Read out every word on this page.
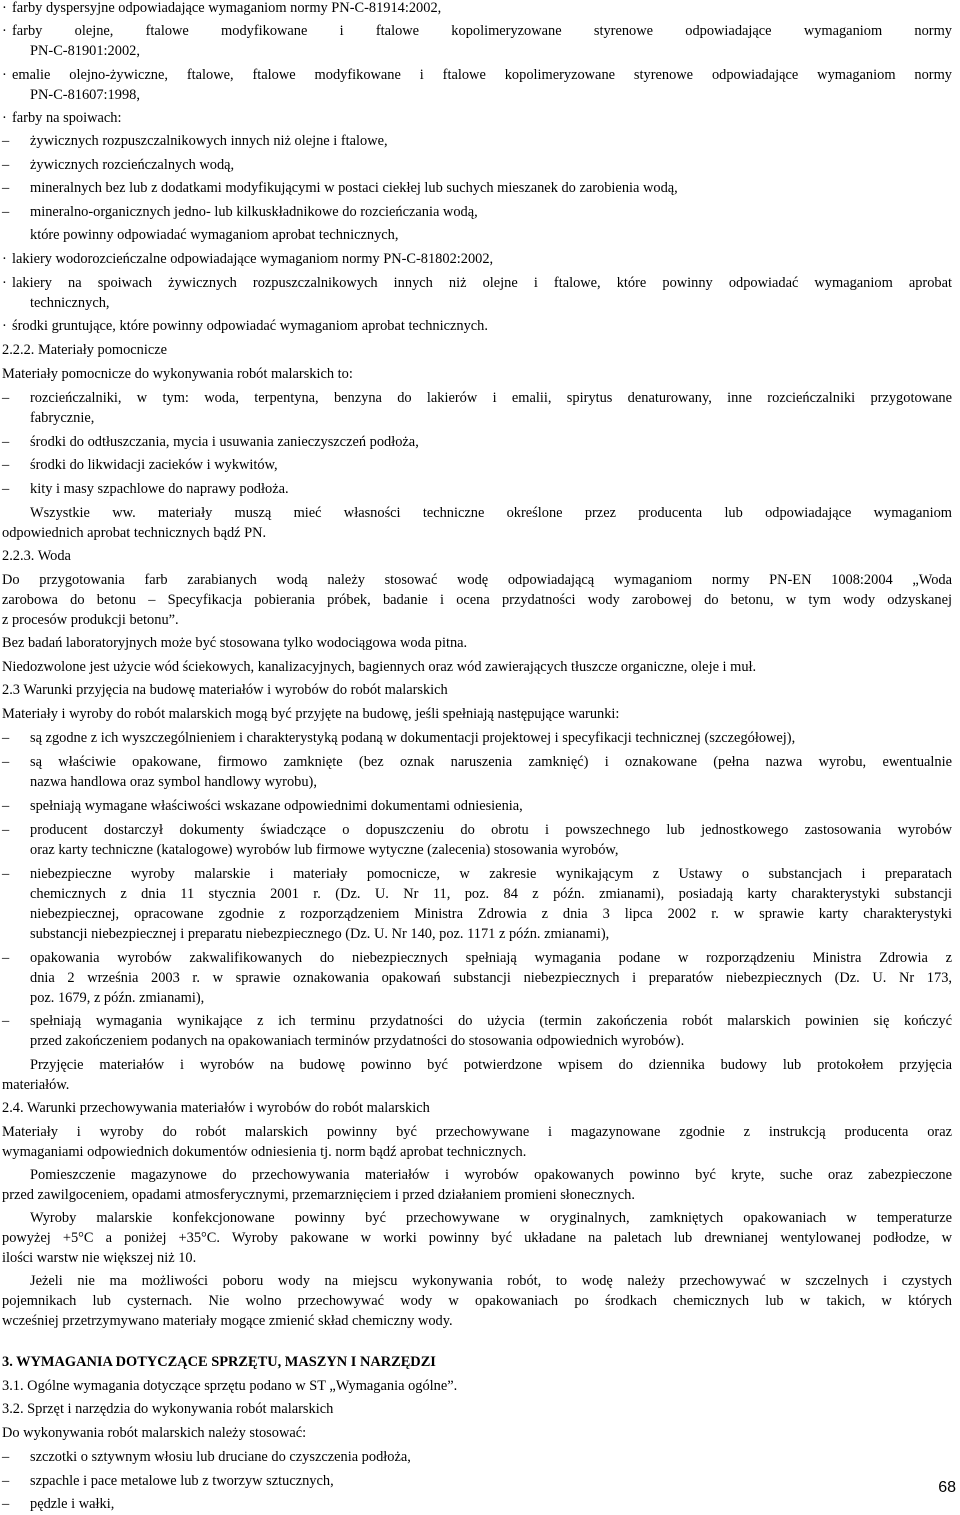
· farby dyspersyjne odpowiadające wymaganiom normy PN-C-81914:2002,
· farby olejne, ftalowe modyfikowane i ftalowe kopolimeryzowane styrenowe odpowiadające wymaganiom normy
PN-C-81901:2002,
· emalie olejno-żywiczne, ftalowe, ftalowe modyfikowane i ftalowe kopolimeryzowane styrenowe odpowiadające wymaganiom normy
PN-C-81607:1998,
· farby na spoiwach:
– żywicznych rozpuszczalnikowych innych niż olejne i ftalowe,
– żywicznych rozcieńczalnych wodą,
– mineralnych bez lub z dodatkami modyfikującymi w postaci ciekłej lub suchych mieszanek do zarobienia wodą,
– mineralno-organicznych jedno- lub kilkuskładnikowe do rozcieńczania wodą,
które powinny odpowiadać wymaganiom aprobat technicznych,
· lakiery wodorozcieńczalne odpowiadające wymaganiom normy PN-C-81802:2002,
· lakiery na spoiwach żywicznych rozpuszczalnikowych innych niż olejne i ftalowe, które powinny odpowiadać wymaganiom aprobat
technicznych,
· środki gruntujące, które powinny odpowiadać wymaganiom aprobat technicznych.
2.2.2. Materiały pomocnicze
Materiały pomocnicze do wykonywania robót malarskich to:
– rozcieńczalniki, w tym: woda, terpentyna, benzyna do lakierów i emalii, spirytus denaturowany, inne rozcieńczalniki przygotowane
fabrycznie,
– środki do odtłuszczania, mycia i usuwania zanieczyszczeń podłoża,
– środki do likwidacji zacieków i wykwitów,
– kity i masy szpachlowe do naprawy podłoża.
Wszystkie ww. materiały muszą mieć własności techniczne określone przez producenta lub odpowiadające wymaganiom
odpowiednich aprobat technicznych bądź PN.
2.2.3. Woda
Do przygotowania farb zarabianych wodą należy stosować wodę odpowiadającą wymaganiom normy PN-EN 1008:2004 „Woda
zarobowa do betonu – Specyfikacja pobierania próbek, badanie i ocena przydatności wody zarobowej do betonu, w tym wody odzyskanej
z procesów produkcji betonu”.
Bez badań laboratoryjnych może być stosowana tylko wodociągowa woda pitna.
Niedozwolone jest użycie wód ściekowych, kanalizacyjnych, bagiennych oraz wód zawierających tłuszcze organiczne, oleje i muł.
2.3 Warunki przyjęcia na budowę materiałów i wyrobów do robót malarskich
Materiały i wyroby do robót malarskich mogą być przyjęte na budowę, jeśli spełniają następujące warunki:
– są zgodne z ich wyszczególnieniem i charakterystyką podaną w dokumentacji projektowej i specyfikacji technicznej (szczegółowej),
– są właściwie opakowane, firmowo zamknięte (bez oznak naruszenia zamknięć) i oznakowane (pełna nazwa wyrobu, ewentualnie
nazwa handlowa oraz symbol handlowy wyrobu),
– spełniają wymagane właściwości wskazane odpowiednimi dokumentami odniesienia,
– producent dostarczył dokumenty świadczące o dopuszczeniu do obrotu i powszechnego lub jednostkowego zastosowania wyrobów
oraz karty techniczne (katalogowe) wyrobów lub firmowe wytyczne (zalecenia) stosowania wyrobów,
– niebezpieczne wyroby malarskie i materiały pomocnicze, w zakresie wynikającym z Ustawy o substancjach i preparatach
chemicznych z dnia 11 stycznia 2001 r. (Dz. U. Nr 11, poz. 84 z późn. zmianami), posiadają karty charakterystyki substancji
niebezpiecznej, opracowane zgodnie z rozporządzeniem Ministra Zdrowia z dnia 3 lipca 2002 r. w sprawie karty charakterystyki
substancji niebezpiecznej i preparatu niebezpiecznego (Dz. U. Nr 140, poz. 1171 z późn. zmianami),
– opakowania wyrobów zakwalifikowanych do niebezpiecznych spełniają wymagania podane w rozporządzeniu Ministra Zdrowia z
dnia 2 września 2003 r. w sprawie oznakowania opakowań substancji niebezpiecznych i preparatów niebezpiecznych (Dz. U. Nr 173,
poz. 1679, z późn. zmianami),
– spełniają wymagania wynikające z ich terminu przydatności do użycia (termin zakończenia robót malarskich powinien się kończyć
przed zakończeniem podanych na opakowaniach terminów przydatności do stosowania odpowiednich wyrobów).
Przyjęcie materiałów i wyrobów na budowę powinno być potwierdzone wpisem do dziennika budowy lub protokołem przyjęcia
materiałów.
2.4. Warunki przechowywania materiałów i wyrobów do robót malarskich
Materiały i wyroby do robót malarskich powinny być przechowywane i magazynowane zgodnie z instrukcją producenta oraz
wymaganiami odpowiednich dokumentów odniesienia tj. norm bądź aprobat technicznych.
Pomieszczenie magazynowe do przechowywania materiałów i wyrobów opakowanych powinno być kryte, suche oraz zabezpieczone
przed zawilgoceniem, opadami atmosferycznymi, przemarznięciem i przed działaniem promieni słonecznych.
Wyroby malarskie konfekcjonowane powinny być przechowywane w oryginalnych, zamkniętych opakowaniach w temperaturze
powyżej +5°C a poniżej +35°C. Wyroby pakowane w worki powinny być układane na paletach lub drewnianej wentylowanej podłodze, w
ilości warstw nie większej niż 10.
Jeżeli nie ma możliwości poboru wody na miejscu wykonywania robót, to wodę należy przechowywać w szczelnych i czystych
pojemnikach lub cysternach. Nie wolno przechowywać wody w opakowaniach po środkach chemicznych lub w takich, w których
wcześniej przetrzymywano materiały mogące zmienić skład chemiczny wody.
3. WYMAGANIA DOTYCZĄCE SPRZĘTU, MASZYN I NARZĘDZI
3.1. Ogólne wymagania dotyczące sprzętu podano w ST „Wymagania ogólne”.
3.2. Sprzęt i narzędzia do wykonywania robót malarskich
Do wykonywania robót malarskich należy stosować:
– szczotki o sztywnym włosiu lub druciane do czyszczenia podłoża,
– szpachle i pace metalowe lub z tworzyw sztucznych,
– pędzle i wałki,
68
